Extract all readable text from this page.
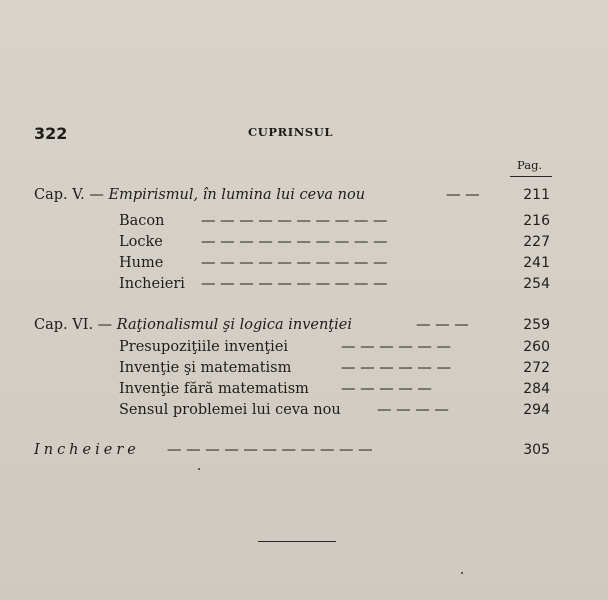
322	CUPRINSUL
Pag.
Cap. V. — Empirismul, în lumina lui ceva nou	— —	211
Bacon	— — — — — — — — — —	216
Locke	— — — — — — — — — —	227
Hume	— — — — — — — — — —	241
Incheieri — — — — — — — — — —	254
Cap. VI. — Raţionalismul şi logica invenţiei	— — —	259
Presupoziţiile invenţiei	— — — — — —	260
Invenţie şi matematism	— — — — — —	272
Invenţie fără matematism — — — — —	284
Sensul problemei lui ceva nou	— — — —	294
Incheiere — — — — — — — — — — —	305
